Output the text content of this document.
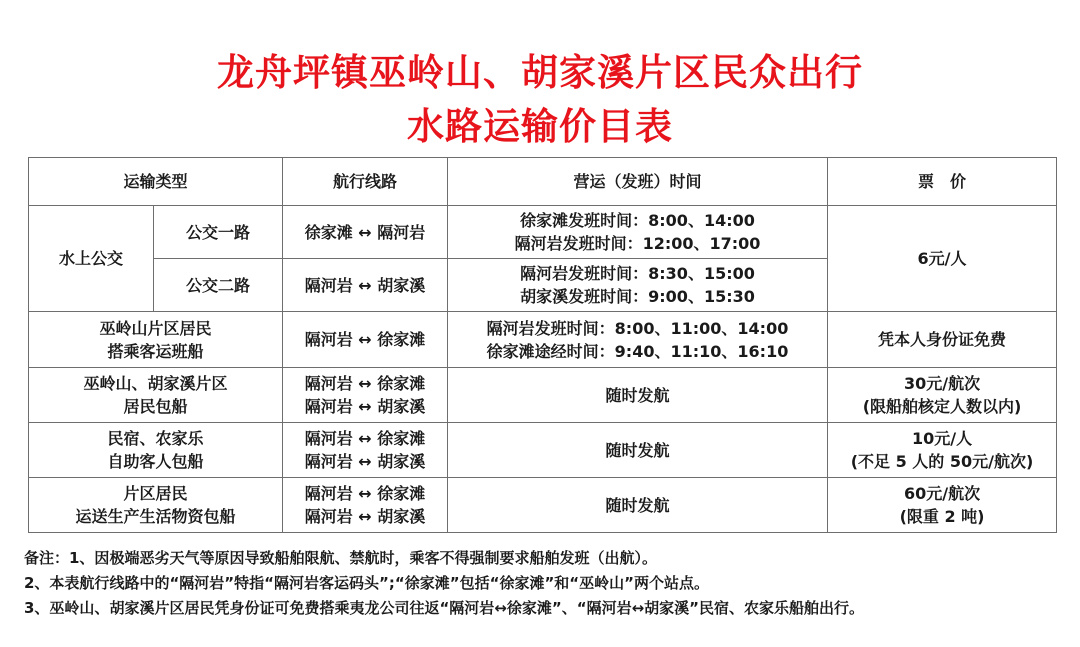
龙舟坪镇巫岭山、胡家溪片区民众出行
水路运输价目表
运输类型		航行线路	营运（发班）时间	票　价
水上公交	公交一路	徐家滩 ↔ 隔河岩	徐家滩发班时间：8:00、14:00
隔河岩发班时间：12:00、17:00	6元/人
	公交二路	隔河岩 ↔ 胡家溪	隔河岩发班时间：8:30、15:00
胡家溪发班时间：9:00、15:30	

巫岭山片区居民
搭乘客运班船		隔河岩 ↔ 徐家滩	隔河岩发班时间：8:00、11:00、14:00
徐家滩途经时间：9:40、11:10、16:10	凭本人身份证免费

巫岭山、胡家溪片区
居民包船		隔河岩 ↔ 徐家滩
隔河岩 ↔ 胡家溪	随时发航	30元/航次
(限船舶核定人数以内)

民宿、农家乐
自助客人包船		隔河岩 ↔ 徐家滩
隔河岩 ↔ 胡家溪	随时发航	10元/人
(不足 5 人的 50元/航次)

片区居民
运送生产生活物资包船		隔河岩 ↔ 徐家滩
隔河岩 ↔ 胡家溪	随时发航	60元/航次
(限重 2 吨)
备注：1、因极端恶劣天气等原因导致船舶限航、禁航时，乘客不得强制要求船舶发班（出航）。
2、本表航行线路中的“隔河岩”特指“隔河岩客运码头”;“徐家滩”包括“徐家滩”和“巫岭山”两个站点。
3、巫岭山、胡家溪片区居民凭身份证可免费搭乘夷龙公司往返“隔河岩↔徐家滩”、“隔河岩↔胡家溪”民宿、农家乐船舶出行。
